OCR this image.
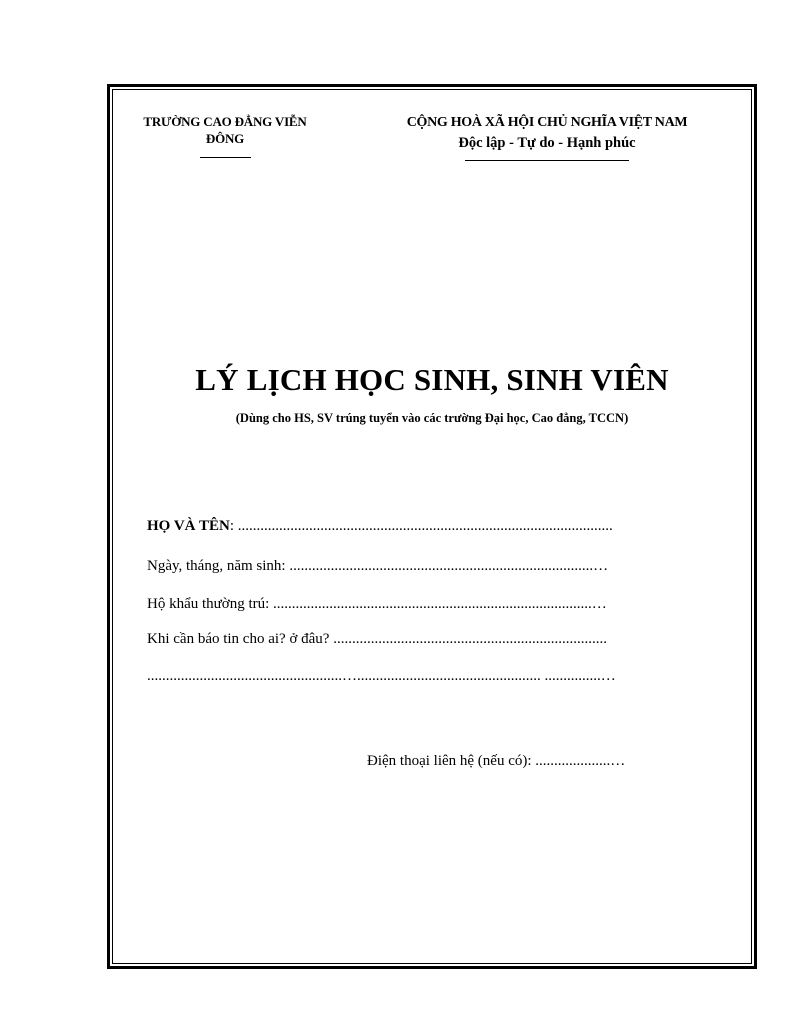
TRƯỜNG CAO ĐẲNG VIỄN
ĐÔNG
CỘNG HOÀ XÃ HỘI CHỦ NGHĨA VIỆT NAM
Độc lập - Tự do - Hạnh phúc
LÝ LỊCH HỌC SINH, SINH VIÊN
(Dùng cho HS, SV trúng tuyển vào các trường Đại học, Cao đẳng, TCCN)
HỌ VÀ TÊN: ....................................................................................................
Ngày, tháng, năm sinh: .................................................................................…
Hộ khẩu thường trú: .....................................................................................…
Khi cần báo tin cho ai? ở đâu? .........................................................................
....................................................…................................................. ...............…
Điện thoại liên hệ (nếu có): ....................…
